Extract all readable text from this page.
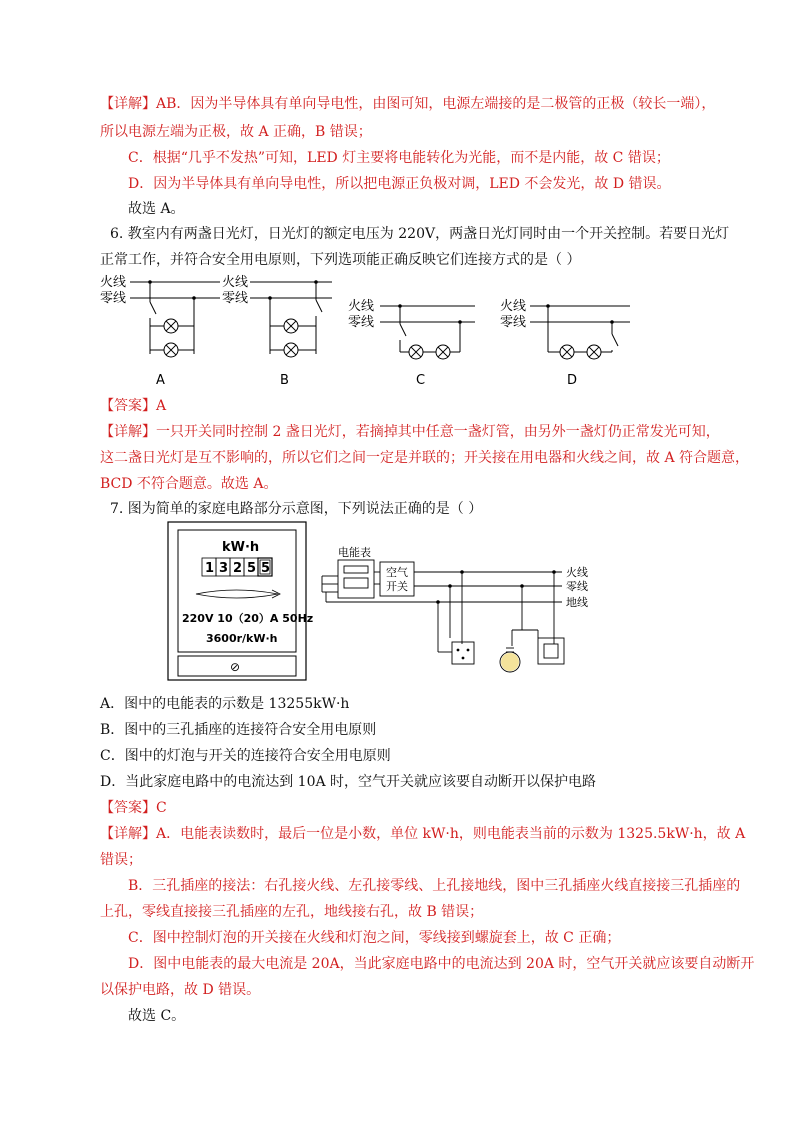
【详解】AB．因为半导体具有单向导电性，由图可知，电源左端接的是二极管的正极（较长一端），
所以电源左端为正极，故 A 正确，B 错误；
C．根据“几乎不发热”可知，LED 灯主要将电能转化为光能，而不是内能，故 C 错误；
D．因为半导体具有单向导电性，所以把电源正负极对调，LED 不会发光，故 D 错误。
故选 A。
6. 教室内有两盏日光灯，日光灯的额定电压为 220V，两盏日光灯同时由一个开关控制。若要日光灯
正常工作，并符合安全用电原则，下列选项能正确反映它们连接方式的是（ ）
火线
零线
火线
零线
火线
零线
火线
零线
A	B	C	D
【答案】A
【详解】一只开关同时控制 2 盏日光灯，若摘掉其中任意一盏灯管，由另外一盏灯仍正常发光可知，
这二盏日光灯是互不影响的，所以它们之间一定是并联的；开关接在用电器和火线之间，故 A 符合题意，
BCD 不符合题意。故选 A。
7. 图为简单的家庭电路部分示意图，下列说法正确的是（ ）
kW·h
1 3 2 5 5
220V 10（20）A 50Hz
3600r/kW·h
⊘
电能表
空气
开关
火线
零线
地线
A．图中的电能表的示数是 13255kW·h
B．图中的三孔插座的连接符合安全用电原则
C．图中的灯泡与开关的连接符合安全用电原则
D．当此家庭电路中的电流达到 10A 时，空气开关就应该要自动断开以保护电路
【答案】C
【详解】A．电能表读数时，最后一位是小数，单位 kW·h，则电能表当前的示数为 1325.5kW·h，故 A
错误；
B．三孔插座的接法：右孔接火线、左孔接零线、上孔接地线，图中三孔插座火线直接接三孔插座的
上孔，零线直接接三孔插座的左孔，地线接右孔，故 B 错误；
C．图中控制灯泡的开关接在火线和灯泡之间，零线接到螺旋套上，故 C 正确；
D．图中电能表的最大电流是 20A，当此家庭电路中的电流达到 20A 时，空气开关就应该要自动断开
以保护电路，故 D 错误。
故选 C。
